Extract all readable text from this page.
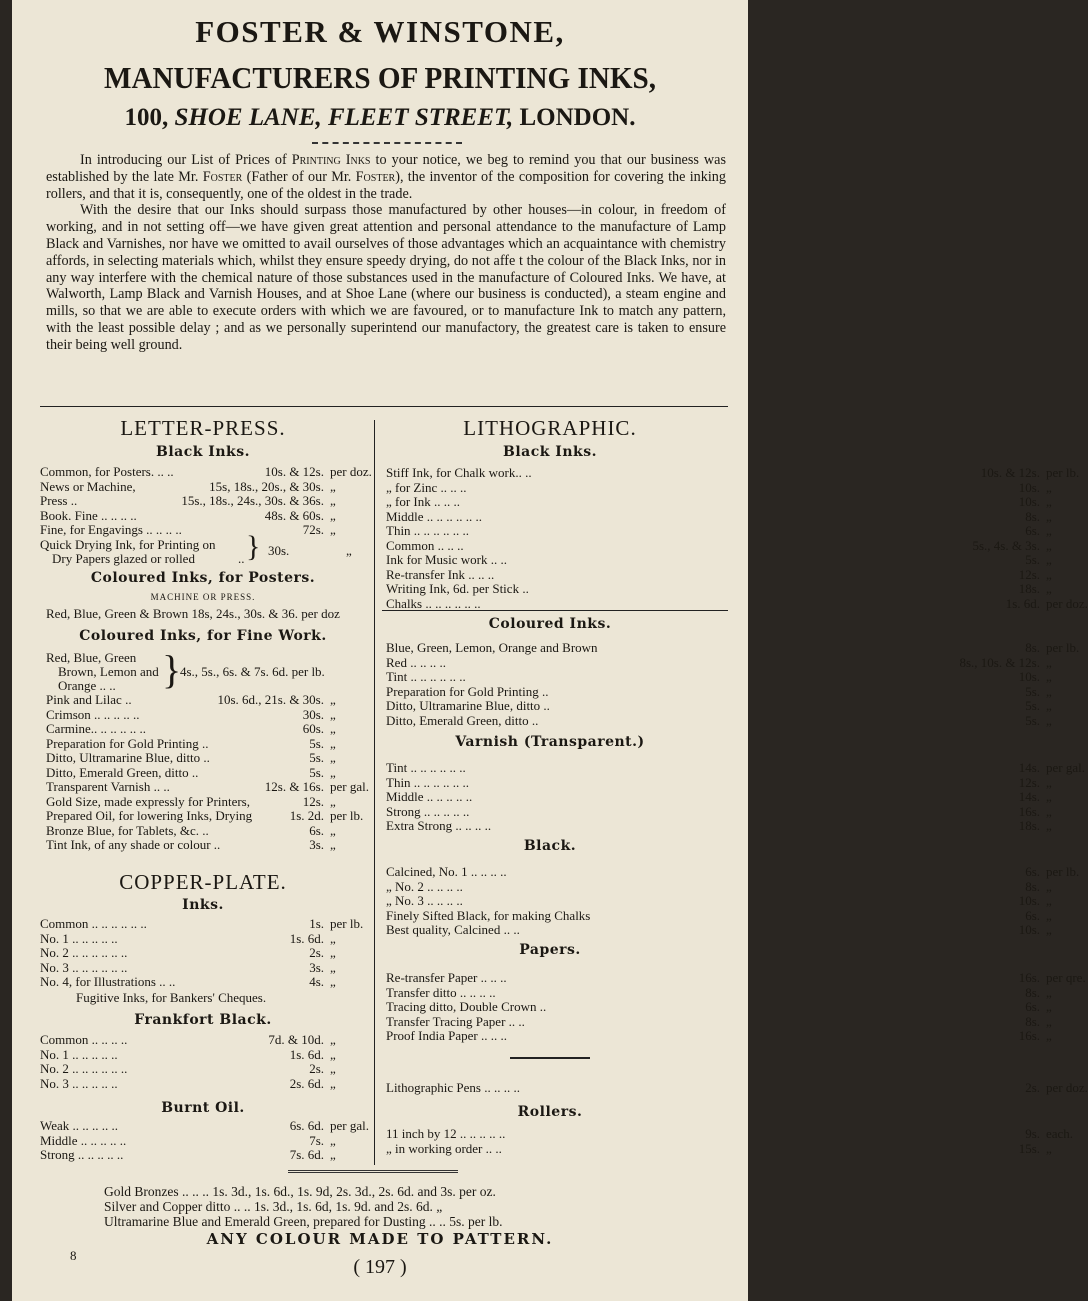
FOSTER & WINSTONE,
MANUFACTURERS OF PRINTING INKS,
100, SHOE LANE, FLEET STREET, LONDON.

In introducing our List of Prices of Printing Inks to your notice, we beg to remind you that our business was established by the late Mr. Foster (Father of our Mr. Foster), the inventor of the composition for covering the inking rollers, and that it is, consequently, one of the oldest in the trade.

With the desire that our Inks should surpass those manufactured by other houses—in colour, in freedom of working, and in not setting off—we have given great attention and personal attendance to the manufacture of Lamp Black and Varnishes, nor have we omitted to avail ourselves of those advantages which an acquaintance with chemistry affords, in selecting materials which, whilst they ensure speedy drying, do not affe t the colour of the Black Inks, nor in any way interfere with the chemical nature of those substances used in the manufacture of Coloured Inks. We have, at Walworth, Lamp Black and Varnish Houses, and at Shoe Lane (where our business is conducted), a steam engine and mills, so that we are able to execute orders with which we are favoured, or to manufacture Ink to match any pattern, with the least possible delay ; and as we personally superintend our manufactory, the greatest care is taken to ensure their being well ground.

LETTER-PRESS.
Black Inks.
Quick Drying Ink, for Printing on
Dry Papers glazed or rolled	.. } 30s.	„
Coloured Inks, for Posters.
MACHINE OR PRESS.
Red, Blue, Green & Brown 18s, 24s., 30s. & 36. per doz
Coloured Inks, for Fine Work.
Red, Blue, Green
Brown, Lemon and
Orange .. .. }
4s., 5s., 6s. & 7s. 6d. per lb.
COPPER-PLATE.
Inks.
Fugitive Inks, for Bankers' Cheques.
Frankfort Black.
Burnt Oil.
LITHOGRAPHIC.
Black Inks.
Coloured Inks.
Varnish (Transparent.)
Black.
Papers.
Rollers.
Gold Bronzes .. .. .. 1s. 3d., 1s. 6d., 1s. 9d, 2s. 3d., 2s. 6d. and 3s. per oz.
Silver and Copper ditto .. .. 1s. 3d., 1s. 6d, 1s. 9d. and 2s. 6d. „
Ultramarine Blue and Emerald Green, prepared for Dusting .. .. 5s. per lb.
ANY COLOUR MADE TO PATTERN.
8
( 197 )
Common, for Posters. .. ..	10s. & 12s. per doz.
News or Machine,	15s, 18s., 20s., & 30s. „
Press ..	15s., 18s., 24s., 30s. & 36s. „
Book. Fine .. .. .. ..	48s. & 60s. „
Fine, for Engavings .. .. .. ..	72s. „
Pink and Lilac ..	10s. 6d., 21s. & 30s. „
Crimson .. .. .. .. ..	30s. „
Carmine.. .. .. .. .. ..	60s. „
Preparation for Gold Printing ..	5s. „
Ditto, Ultramarine Blue, ditto ..	5s. „
Ditto, Emerald Green, ditto ..	5s. „
Transparent Varnish .. ..	12s. & 16s. per gal.
Gold Size, made expressly for Printers,	12s. „
Prepared Oil, for lowering Inks, Drying	1s. 2d. per lb.
Bronze Blue, for Tablets, &c. ..	6s. „
Tint Ink, of any shade or colour ..	3s. „
Common .. .. .. .. .. ..	1s. per lb.
No. 1 .. .. .. .. ..	1s. 6d. „
No. 2 .. .. .. .. .. ..	2s. „
No. 3 .. .. .. .. .. ..	3s. „
No. 4, for Illustrations .. ..	4s. „
Common .. .. .. ..	7d. & 10d. „
No. 1 .. .. .. .. ..	1s. 6d. „
No. 2 .. .. .. .. .. ..	2s. „
No. 3 .. .. .. .. ..	2s. 6d. „
Weak .. .. .. .. ..	6s. 6d. per gal.
Middle .. .. .. .. ..	7s. „
Strong .. .. .. .. ..	7s. 6d. „
Stiff Ink, for Chalk work.. ..	10s. & 12s. per lb.
„ for Zinc .. .. ..	10s. „
„ for Ink .. .. ..	10s. „
Middle .. .. .. .. .. ..	8s. „
Thin .. .. .. .. .. ..	6s. „
Common .. .. ..	5s., 4s. & 3s. „
Ink for Music work .. ..	5s. „
Re-transfer Ink .. .. ..	12s. „
Writing Ink, 6d. per Stick ..	18s. „
Chalks .. .. .. .. .. ..	1s. 6d. per doz.
Blue, Green, Lemon, Orange and Brown	8s. per lb.
Red .. .. .. ..	8s., 10s. & 12s. „
Tint .. .. .. .. .. ..	10s. „
Preparation for Gold Printing ..	5s. „
Ditto, Ultramarine Blue, ditto ..	5s. „
Ditto, Emerald Green, ditto ..	5s. „
Tint .. .. .. .. .. ..	14s. per gal.
Thin .. .. .. .. .. ..	12s. „
Middle .. .. .. .. ..	14s. „
Strong .. .. .. .. ..	16s. „
Extra Strong .. .. .. ..	18s. „
Calcined, No. 1 .. .. .. ..	6s. per lb.
„ No. 2 .. .. .. ..	8s. „
„ No. 3 .. .. .. ..	10s. „
Finely Sifted Black, for making Chalks	6s. „
Best quality, Calcined .. ..	10s. „
Re-transfer Paper .. .. ..	16s. per qre.
Transfer ditto .. .. .. ..	8s. „
Tracing ditto, Double Crown ..	6s. „
Transfer Tracing Paper .. ..	8s. „
Proof India Paper .. .. ..	16s. „
Lithographic Pens .. .. .. ..	2s. per doz.
11 inch by 12 .. .. .. .. ..	9s. each.
„ in working order .. ..	15s. „
